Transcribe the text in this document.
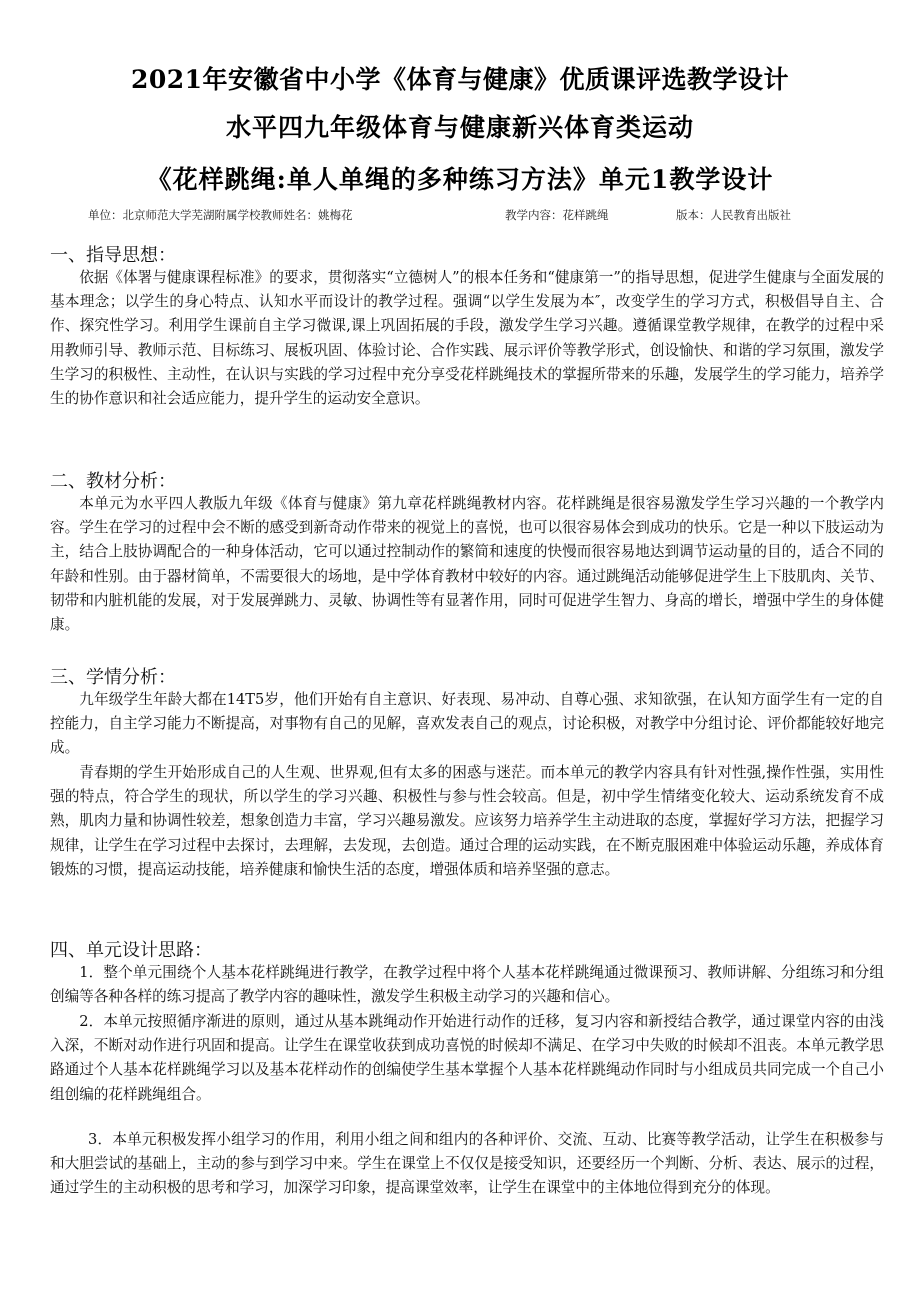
2021年安徽省中小学《体育与健康》优质课评选教学设计
水平四九年级体育与健康新兴体育类运动
《花样跳绳:单人单绳的多种练习方法》单元1教学设计
单位：北京师范大学芜湖附属学校教师姓名：姚梅花	教学内容：花样跳绳	版本：人民教育出版社
一、指导思想：

依据《体署与健康课程标准》的要求，贯彻落实“立德树人”的根本任务和“健康第一”的指导思想，促进学生健康与全面发展的基本理念；以学生的身心特点、认知水平而设计的教学过程。强调“以学生发展为本″，改变学生的学习方式，积极倡导自主、合作、探究性学习。利用学生课前自主学习微课,课上巩固拓展的手段，激发学生学习兴趣。遵循课堂教学规律，在教学的过程中采用教师引导、教师示范、目标练习、展板巩固、体验讨论、合作实践、展示评价等教学形式，创设愉快、和谐的学习氛围，激发学生学习的积极性、主动性，在认识与实践的学习过程中充分享受花样跳绳技术的掌握所带来的乐趣，发展学生的学习能力，培养学生的协作意识和社会适应能力，提升学生的运动安全意识。

二、教材分析：

本单元为水平四人教版九年级《体育与健康》第九章花样跳绳教材内容。花样跳绳是很容易激发学生学习兴趣的一个教学内容。学生在学习的过程中会不断的感受到新奇动作带来的视觉上的喜悦，也可以很容易体会到成功的快乐。它是一种以下肢运动为主，结合上肢协调配合的一种身体活动，它可以通过控制动作的繁简和速度的快慢而很容易地达到调节运动量的目的，适合不同的年龄和性别。由于器材简单，不需要很大的场地，是中学体育教材中较好的内容。通过跳绳活动能够促进学生上下肢肌肉、关节、韧带和内脏机能的发展，对于发展弹跳力、灵敏、协调性等有显著作用，同时可促进学生智力、身高的增长，增强中学生的身体健康。

三、学情分析：

九年级学生年龄大都在14T5岁，他们开始有自主意识、好表现、易冲动、自尊心强、求知欲强，在认知方面学生有一定的自控能力，自主学习能力不断提高，对事物有自己的见解，喜欢发表自己的观点，讨论积极，对教学中分组讨论、评价都能较好地完成。

青春期的学生开始形成自己的人生观、世界观,但有太多的困惑与迷茫。而本单元的教学内容具有针对性强,操作性强，实用性强的特点，符合学生的现状，所以学生的学习兴趣、积极性与参与性会较高。但是，初中学生情绪变化较大、运动系统发育不成熟，肌肉力量和协调性较差，想象创造力丰富，学习兴趣易激发。应该努力培养学生主动进取的态度，掌握好学习方法，把握学习规律，让学生在学习过程中去探讨，去理解，去发现，去创造。通过合理的运动实践，在不断克服困难中体验运动乐趣，养成体育锻炼的习惯，提高运动技能，培养健康和愉快生活的态度，增强体质和培养坚强的意志。

四、单元设计思路：

1．整个单元围绕个人基本花样跳绳进行教学，在教学过程中将个人基本花样跳绳通过微课预习、教师讲解、分组练习和分组创编等各种各样的练习提高了教学内容的趣味性，激发学生积极主动学习的兴趣和信心。

2．本单元按照循序渐进的原则，通过从基本跳绳动作开始进行动作的迁移，复习内容和新授结合教学，通过课堂内容的由浅入深，不断对动作进行巩固和提高。让学生在课堂收获到成功喜悦的时候却不满足、在学习中失败的时候却不沮丧。本单元教学思路通过个人基本花样跳绳学习以及基本花样动作的创编使学生基本掌握个人基本花样跳绳动作同时与小组成员共同完成一个自己小组创编的花样跳绳组合。

3．本单元积极发挥小组学习的作用，利用小组之间和组内的各种评价、交流、互动、比赛等教学活动，让学生在积极参与和大胆尝试的基础上，主动的参与到学习中来。学生在课堂上不仅仅是接受知识，还要经历一个判断、分析、表达、展示的过程，通过学生的主动积极的思考和学习，加深学习印象，提高课堂效率，让学生在课堂中的主体地位得到充分的体现。
